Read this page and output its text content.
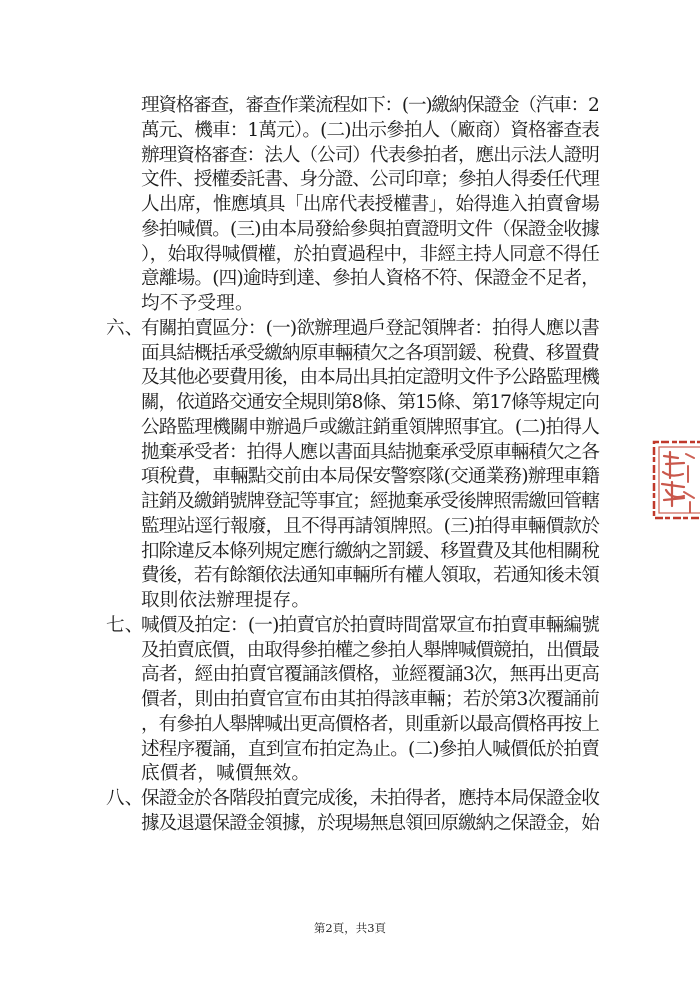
理資格審查，審查作業流程如下：(一)繳納保證金（汽車：2
萬元、機車：1萬元）。(二)出示參拍人（廠商）資格審查表
辦理資格審查：法人（公司）代表參拍者，應出示法人證明
文件、授權委託書、身分證、公司印章；參拍人得委任代理
人出席，惟應填具「出席代表授權書」，始得進入拍賣會場
參拍喊價。(三)由本局發給參與拍賣證明文件（保證金收據
），始取得喊價權，於拍賣過程中，非經主持人同意不得任
意離場。(四)逾時到達、參拍人資格不符、保證金不足者，
均不予受理。
六、
有關拍賣區分：(一)欲辦理過戶登記領牌者：拍得人應以書
面具結概括承受繳納原車輛積欠之各項罰鍰、稅費、移置費
及其他必要費用後，由本局出具拍定證明文件予公路監理機
關，依道路交通安全規則第8條、第15條、第17條等規定向
公路監理機關申辦過戶或繳註銷重領牌照事宜。(二)拍得人
拋棄承受者：拍得人應以書面具結拋棄承受原車輛積欠之各
項稅費，車輛點交前由本局保安警察隊(交通業務)辦理車籍
註銷及繳銷號牌登記等事宜；經拋棄承受後牌照需繳回管轄
監理站逕行報廢，且不得再請領牌照。(三)拍得車輛價款於
扣除違反本條列規定應行繳納之罰鍰、移置費及其他相關稅
費後，若有餘額依法通知車輛所有權人領取，若通知後未領
取則依法辦理提存。
七、
喊價及拍定：(一)拍賣官於拍賣時間當眾宣布拍賣車輛編號
及拍賣底價，由取得參拍權之參拍人舉牌喊價競拍，出價最
高者，經由拍賣官覆誦該價格，並經覆誦3次，無再出更高
價者，則由拍賣官宣布由其拍得該車輛；若於第3次覆誦前
，有參拍人舉牌喊出更高價格者，則重新以最高價格再按上
述程序覆誦，直到宣布拍定為止。(二)參拍人喊價低於拍賣
底價者，喊價無效。
八、
保證金於各階段拍賣完成後，未拍得者，應持本局保證金收
據及退還保證金領據，於現場無息領回原繳納之保證金，始
第2頁，共3頁
